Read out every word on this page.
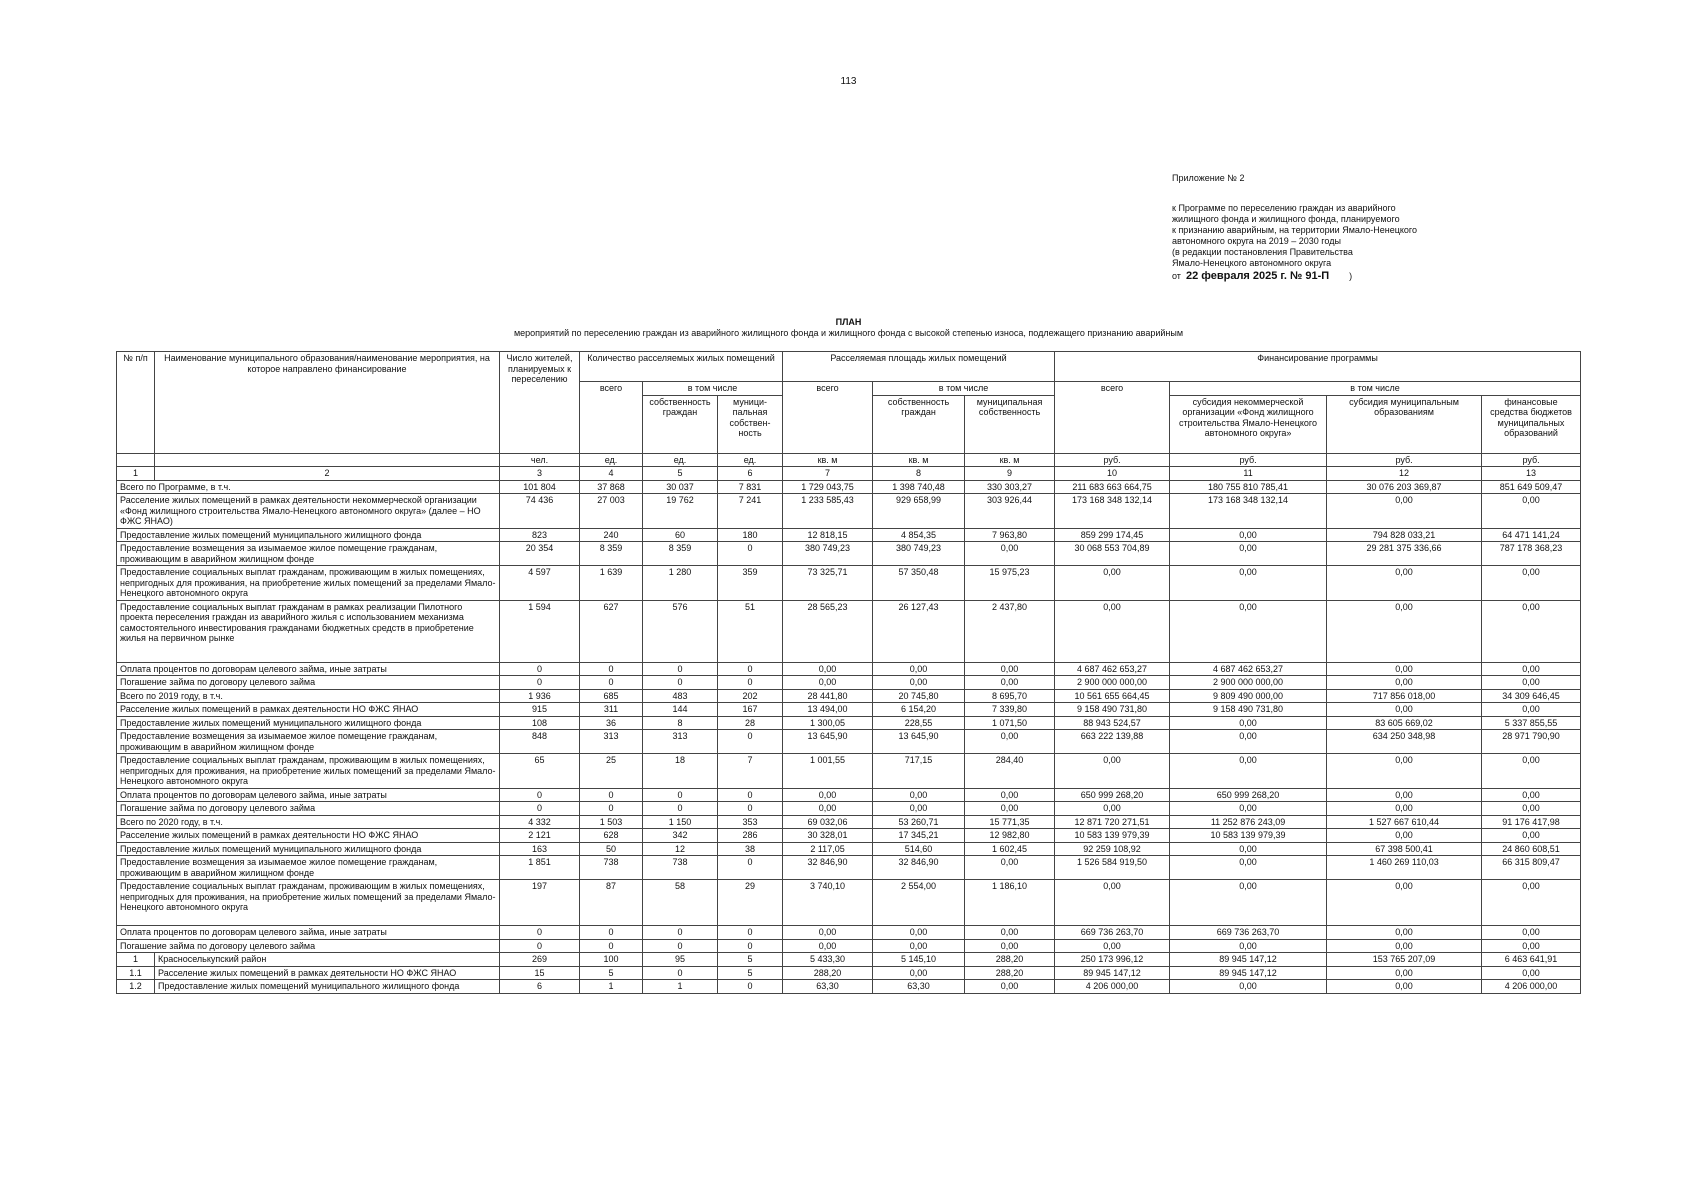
113
Приложение № 2
к Программе по переселению граждан из аварийного
жилищного фонда и жилищного фонда, планируемого
к признанию аварийным, на территории Ямало-Ненецкого
автономного округа на 2019 – 2030 годы
(в редакции постановления Правительства
Ямало-Ненецкого автономного округа
от 22 февраля 2025 г. № 91-П )
ПЛАН
мероприятий по переселению граждан из аварийного жилищного фонда и жилищного фонда с высокой степенью износа, подлежащего признанию аварийным
№ п/п	Наименование муниципального образования/наименование мероприятия, на которое направлено финансирование	Число жителей, планируемых к переселению	Количество расселяемых жилых помещений			Расселяемая площадь жилых помещений			Финансирование программы			
			всего	в том числе		всего	в том числе		всего	в том числе		
				собственность граждан	муници-пальная собствен-ность		собственность граждан	муниципальная собственность		субсидия некоммерческой организации «Фонд жилищного строительства Ямало-Ненецкого автономного округа»	субсидия муниципальным образованиям	финансовые средства бюджетов муниципальных образований
		чел.	ед.	ед.	ед.	кв. м	кв. м	кв. м	руб.	руб.	руб.	руб.
1	2	3	4	5	6	7	8	9	10	11	12	13
Всего по Программе, в т.ч.		101 804	37 868	30 037	7 831	1 729 043,75	1 398 740,48	330 303,27	211 683 663 664,75	180 755 810 785,41	30 076 203 369,87	851 649 509,47
Расселение жилых помещений в рамках деятельности некоммерческой организации «Фонд жилищного строительства Ямало-Ненецкого автономного округа» (далее – НО ФЖС ЯНАО)		74 436	27 003	19 762	7 241	1 233 585,43	929 658,99	303 926,44	173 168 348 132,14	173 168 348 132,14	0,00	0,00
Предоставление жилых помещений муниципального жилищного фонда		823	240	60	180	12 818,15	4 854,35	7 963,80	859 299 174,45	0,00	794 828 033,21	64 471 141,24
Предоставление возмещения за изымаемое жилое помещение гражданам, проживающим в аварийном жилищном фонде		20 354	8 359	8 359	0	380 749,23	380 749,23	0,00	30 068 553 704,89	0,00	29 281 375 336,66	787 178 368,23
Предоставление социальных выплат гражданам, проживающим в жилых помещениях, непригодных для проживания, на приобретение жилых помещений за пределами Ямало-Ненецкого автономного округа		4 597	1 639	1 280	359	73 325,71	57 350,48	15 975,23	0,00	0,00	0,00	0,00
Предоставление социальных выплат гражданам в рамках реализации Пилотного проекта переселения граждан из аварийного жилья с использованием механизма самостоятельного инвестирования гражданами бюджетных средств в приобретение жилья на первичном рынке		1 594	627	576	51	28 565,23	26 127,43	2 437,80	0,00	0,00	0,00	0,00
Оплата процентов по договорам целевого займа, иные затраты		0	0	0	0	0,00	0,00	0,00	4 687 462 653,27	4 687 462 653,27	0,00	0,00
Погашение займа по договору целевого займа		0	0	0	0	0,00	0,00	0,00	2 900 000 000,00	2 900 000 000,00	0,00	0,00
Всего по 2019 году, в т.ч.		1 936	685	483	202	28 441,80	20 745,80	8 695,70	10 561 655 664,45	9 809 490 000,00	717 856 018,00	34 309 646,45
Расселение жилых помещений в рамках деятельности НО ФЖС ЯНАО		915	311	144	167	13 494,00	6 154,20	7 339,80	9 158 490 731,80	9 158 490 731,80	0,00	0,00
Предоставление жилых помещений муниципального жилищного фонда		108	36	8	28	1 300,05	228,55	1 071,50	88 943 524,57	0,00	83 605 669,02	5 337 855,55
Предоставление возмещения за изымаемое жилое помещение гражданам, проживающим в аварийном жилищном фонде		848	313	313	0	13 645,90	13 645,90	0,00	663 222 139,88	0,00	634 250 348,98	28 971 790,90
Предоставление социальных выплат гражданам, проживающим в жилых помещениях, непригодных для проживания, на приобретение жилых помещений за пределами Ямало-Ненецкого автономного округа		65	25	18	7	1 001,55	717,15	284,40	0,00	0,00	0,00	0,00
Оплата процентов по договорам целевого займа, иные затраты		0	0	0	0	0,00	0,00	0,00	650 999 268,20	650 999 268,20	0,00	0,00
Погашение займа по договору целевого займа		0	0	0	0	0,00	0,00	0,00	0,00	0,00	0,00	0,00
Всего по 2020 году, в т.ч.		4 332	1 503	1 150	353	69 032,06	53 260,71	15 771,35	12 871 720 271,51	11 252 876 243,09	1 527 667 610,44	91 176 417,98
Расселение жилых помещений в рамках деятельности НО ФЖС ЯНАО		2 121	628	342	286	30 328,01	17 345,21	12 982,80	10 583 139 979,39	10 583 139 979,39	0,00	0,00
Предоставление жилых помещений муниципального жилищного фонда		163	50	12	38	2 117,05	514,60	1 602,45	92 259 108,92	0,00	67 398 500,41	24 860 608,51
Предоставление возмещения за изымаемое жилое помещение гражданам, проживающим в аварийном жилищном фонде		1 851	738	738	0	32 846,90	32 846,90	0,00	1 526 584 919,50	0,00	1 460 269 110,03	66 315 809,47
Предоставление социальных выплат гражданам, проживающим в жилых помещениях, непригодных для проживания, на приобретение жилых помещений за пределами Ямало-Ненецкого автономного округа		197	87	58	29	3 740,10	2 554,00	1 186,10	0,00	0,00	0,00	0,00
Оплата процентов по договорам целевого займа, иные затраты		0	0	0	0	0,00	0,00	0,00	669 736 263,70	669 736 263,70	0,00	0,00
Погашение займа по договору целевого займа		0	0	0	0	0,00	0,00	0,00	0,00	0,00	0,00	0,00
1	Красноселькупский район	269	100	95	5	5 433,30	5 145,10	288,20	250 173 996,12	89 945 147,12	153 765 207,09	6 463 641,91
1.1	Расселение жилых помещений в рамках деятельности НО ФЖС ЯНАО	15	5	0	5	288,20	0,00	288,20	89 945 147,12	89 945 147,12	0,00	0,00
1.2	Предоставление жилых помещений муниципального жилищного фонда	6	1	1	0	63,30	63,30	0,00	4 206 000,00	0,00	0,00	4 206 000,00
